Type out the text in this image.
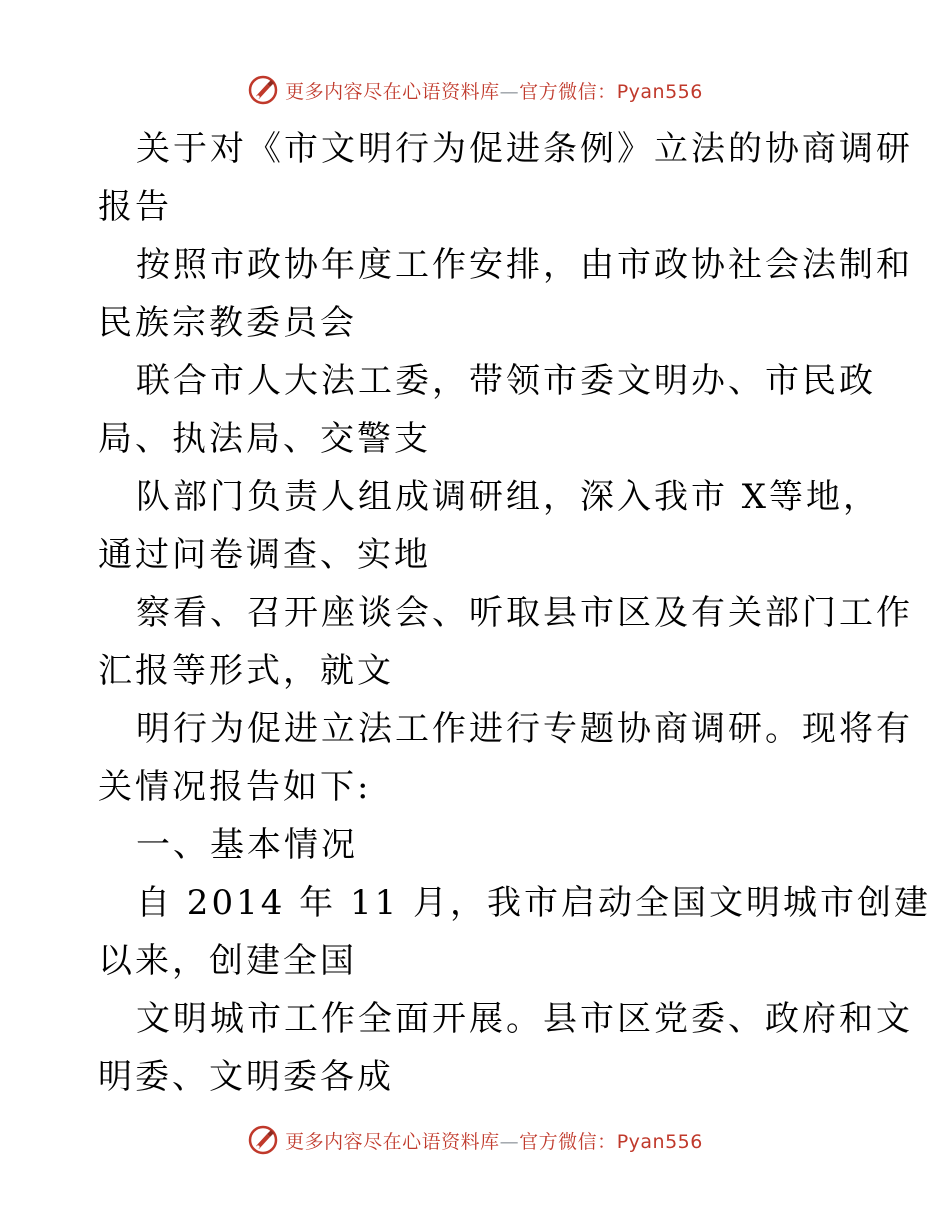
更多内容尽在心语资料库—官方微信：Pyan556
关于对《市文明行为促进条例》立法的协商调研
报告
按照市政协年度工作安排，由市政协社会法制和
民族宗教委员会
联合市人大法工委，带领市委文明办、市民政
局、执法局、交警支
队部门负责人组成调研组，深入我市 X等地，
通过问卷调查、实地
察看、召开座谈会、听取县市区及有关部门工作
汇报等形式，就文
明行为促进立法工作进行专题协商调研。现将有
关情况报告如下:
一、基本情况
自 2014 年 11 月，我市启动全国文明城市创建
以来，创建全国
文明城市工作全面开展。县市区党委、政府和文
明委、文明委各成
更多内容尽在心语资料库—官方微信：Pyan556
